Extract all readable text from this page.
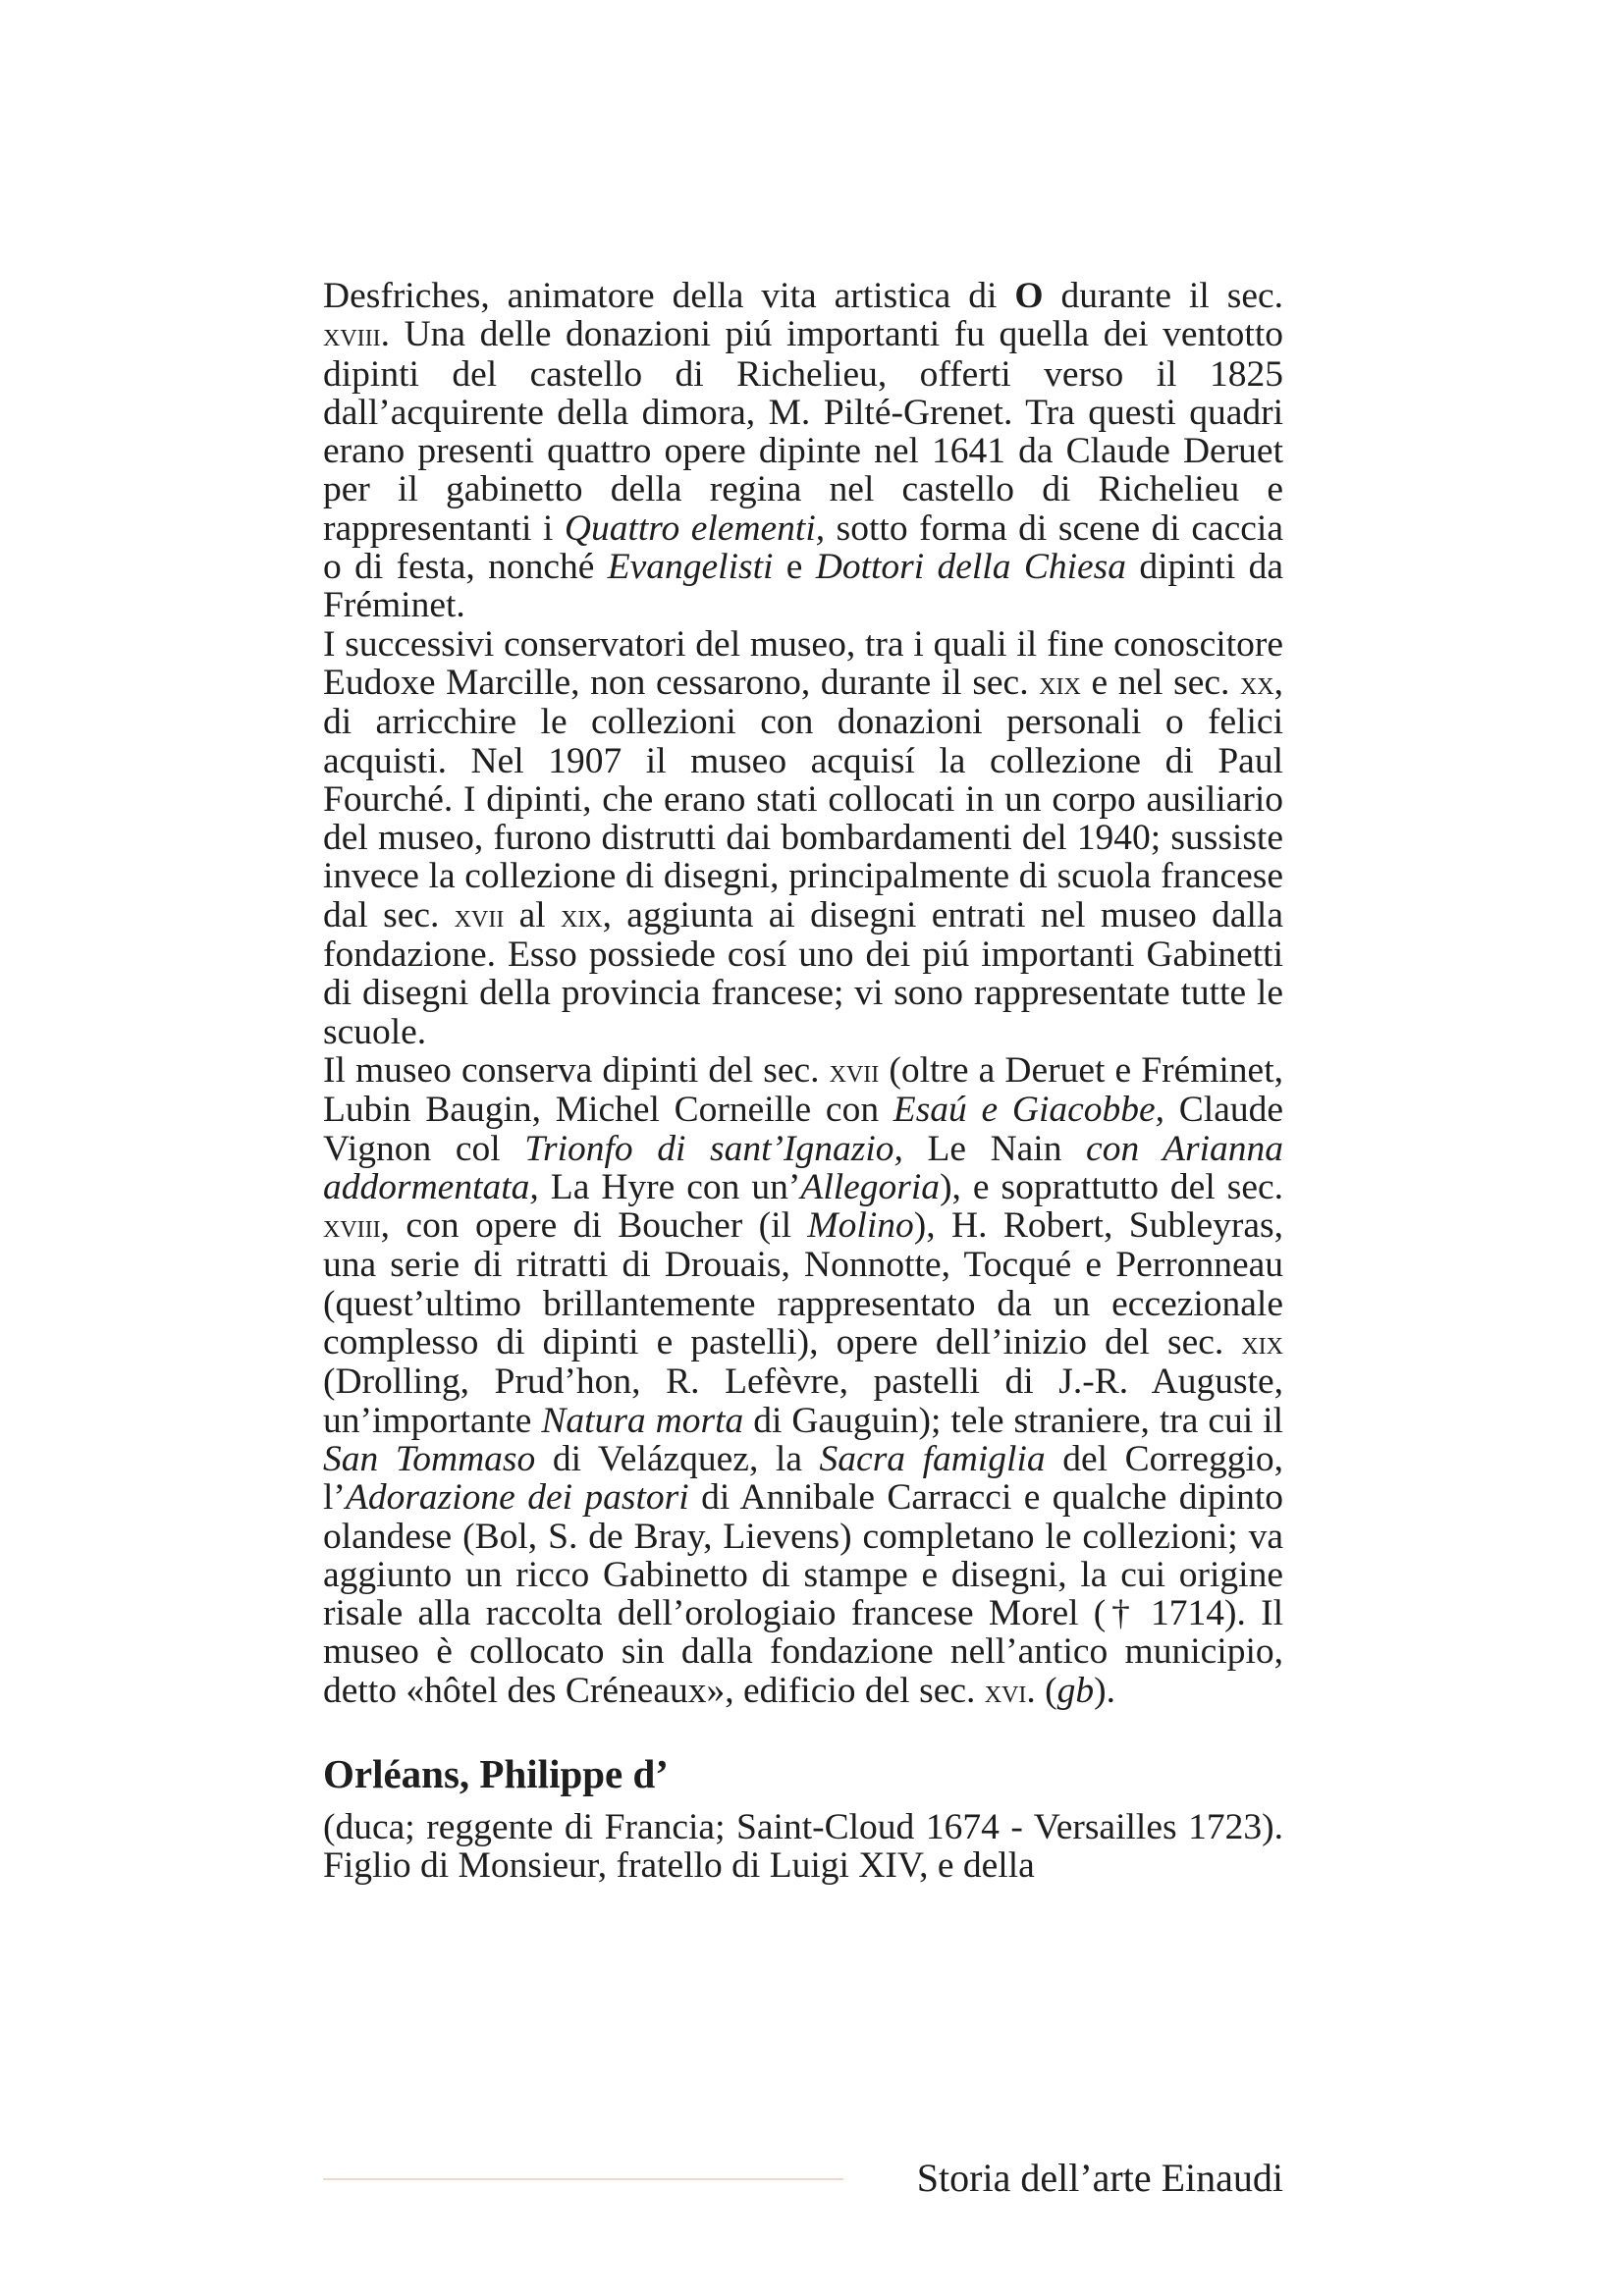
Desfriches, animatore della vita artistica di O durante il sec. xviii. Una delle donazioni piú importanti fu quella dei ventotto dipinti del castello di Richelieu, offerti verso il 1825 dall’acquirente della dimora, M. Pilté-Grenet. Tra questi quadri erano presenti quattro opere dipinte nel 1641 da Claude Deruet per il gabinetto della regina nel castello di Richelieu e rappresentanti i Quattro elementi, sotto forma di scene di caccia o di festa, nonché Evangelisti e Dottori della Chiesa dipinti da Fréminet.

I successivi conservatori del museo, tra i quali il fine conoscitore Eudoxe Marcille, non cessarono, durante il sec. xix e nel sec. xx, di arricchire le collezioni con donazioni personali o felici acquisti. Nel 1907 il museo acquisí la collezione di Paul Fourché. I dipinti, che erano stati collocati in un corpo ausiliario del museo, furono distrutti dai bombardamenti del 1940; sussiste invece la collezione di disegni, principalmente di scuola francese dal sec. xvii al xix, aggiunta ai disegni entrati nel museo dalla fondazione. Esso possiede cosí uno dei piú importanti Gabinetti di disegni della provincia francese; vi sono rappresentate tutte le scuole.

Il museo conserva dipinti del sec. xvii (oltre a Deruet e Fréminet, Lubin Baugin, Michel Corneille con Esaú e Giacobbe, Claude Vignon col Trionfo di sant’Ignazio, Le Nain con Arianna addormentata, La Hyre con un’Allegoria), e soprattutto del sec. xviii, con opere di Boucher (il Molino), H. Robert, Subleyras, una serie di ritratti di Drouais, Nonnotte, Tocqué e Perronneau (quest’ultimo brillantemente rappresentato da un eccezionale complesso di dipinti e pastelli), opere dell’inizio del sec. xix (Drolling, Prud’hon, R. Lefèvre, pastelli di J.-R. Auguste, un’importante Natura morta di Gauguin); tele straniere, tra cui il San Tommaso di Velázquez, la Sacra famiglia del Correggio, l’Adorazione dei pastori di Annibale Carracci e qualche dipinto olandese (Bol, S. de Bray, Lievens) completano le collezioni; va aggiunto un ricco Gabinetto di stampe e disegni, la cui origine risale alla raccolta dell’orologiaio francese Morel († 1714). Il museo è collocato sin dalla fondazione nell’antico municipio, detto «hôtel des Créneaux», edificio del sec. xvi. (gb).

Orléans, Philippe d’

(duca; reggente di Francia; Saint-Cloud 1674 - Versailles 1723). Figlio di Monsieur, fratello di Luigi XIV, e della

Storia dell’arte Einaudi
